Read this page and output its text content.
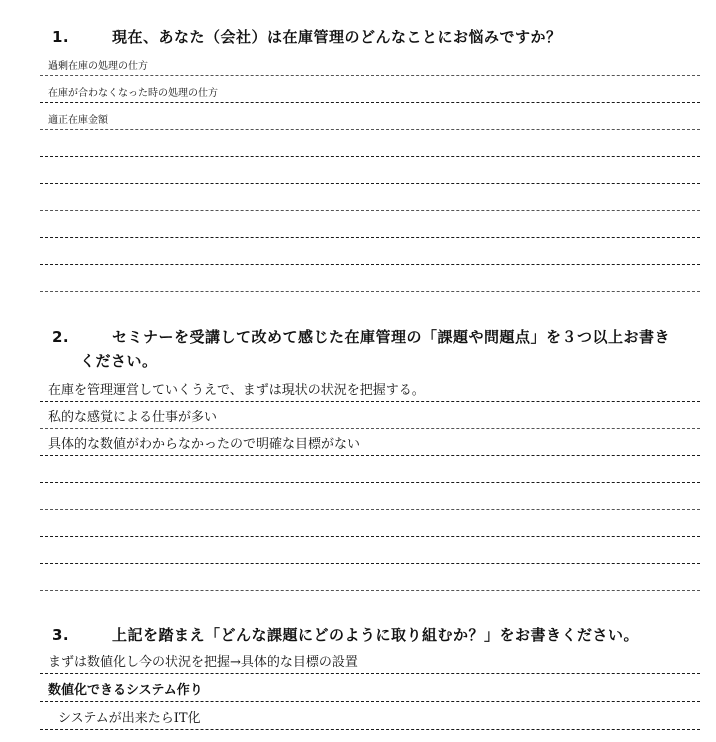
1.	現在、あなた（会社）は在庫管理のどんなことにお悩みですか？
過剰在庫の処理の仕方
在庫が合わなくなった時の処理の仕方
適正在庫金額
2.	セミナーを受講して改めて感じた在庫管理の「課題や問題点」を３つ以上お書き
ください。
在庫を管理運営していくうえで、まずは現状の状況を把握する。
私的な感覚による仕事が多い
具体的な数値がわからなかったので明確な目標がない
3.	上記を踏まえ「どんな課題にどのように取り組むか？」をお書きください。
まずは数値化し今の状況を把握→具体的な目標の設置
数値化できるシステム作り
システムが出来たらIT化
